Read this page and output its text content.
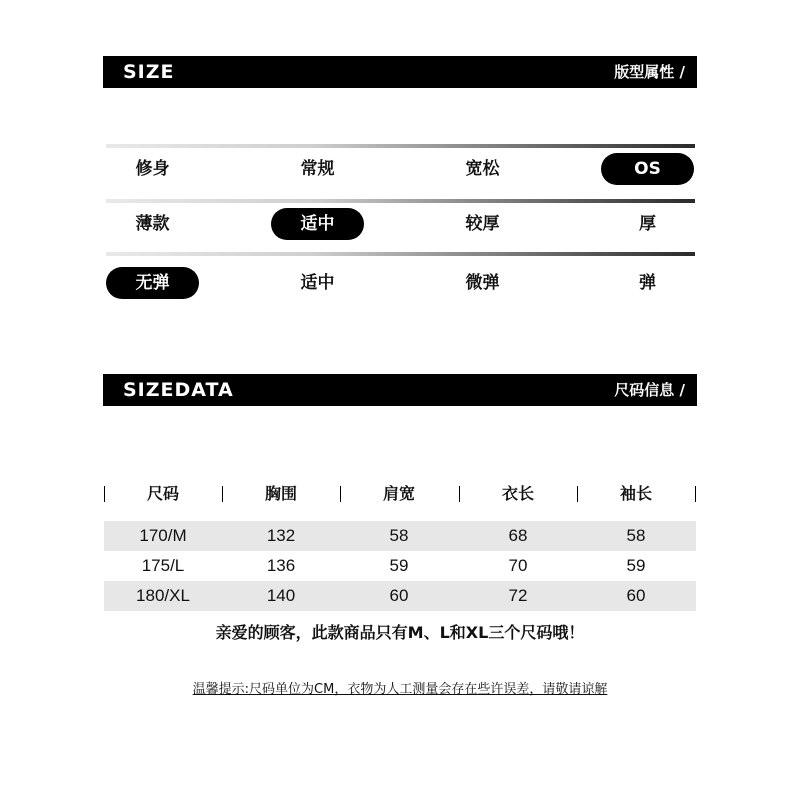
SIZE	版型属性 /
修身	常规	宽松	OS
薄款	适中	较厚	厚
无弹	适中	微弹	弹
SIZEDATA	尺码信息 /
尺码	胸围	肩宽	衣长	袖长
170/M	132	58	68	58
175/L	136	59	70	59
180/XL	140	60	72	60
亲爱的顾客，此款商品只有M、L和XL三个尺码哦！
温馨提示:尺码单位为CM，衣物为人工测量会存在些许误差，请敬请谅解
